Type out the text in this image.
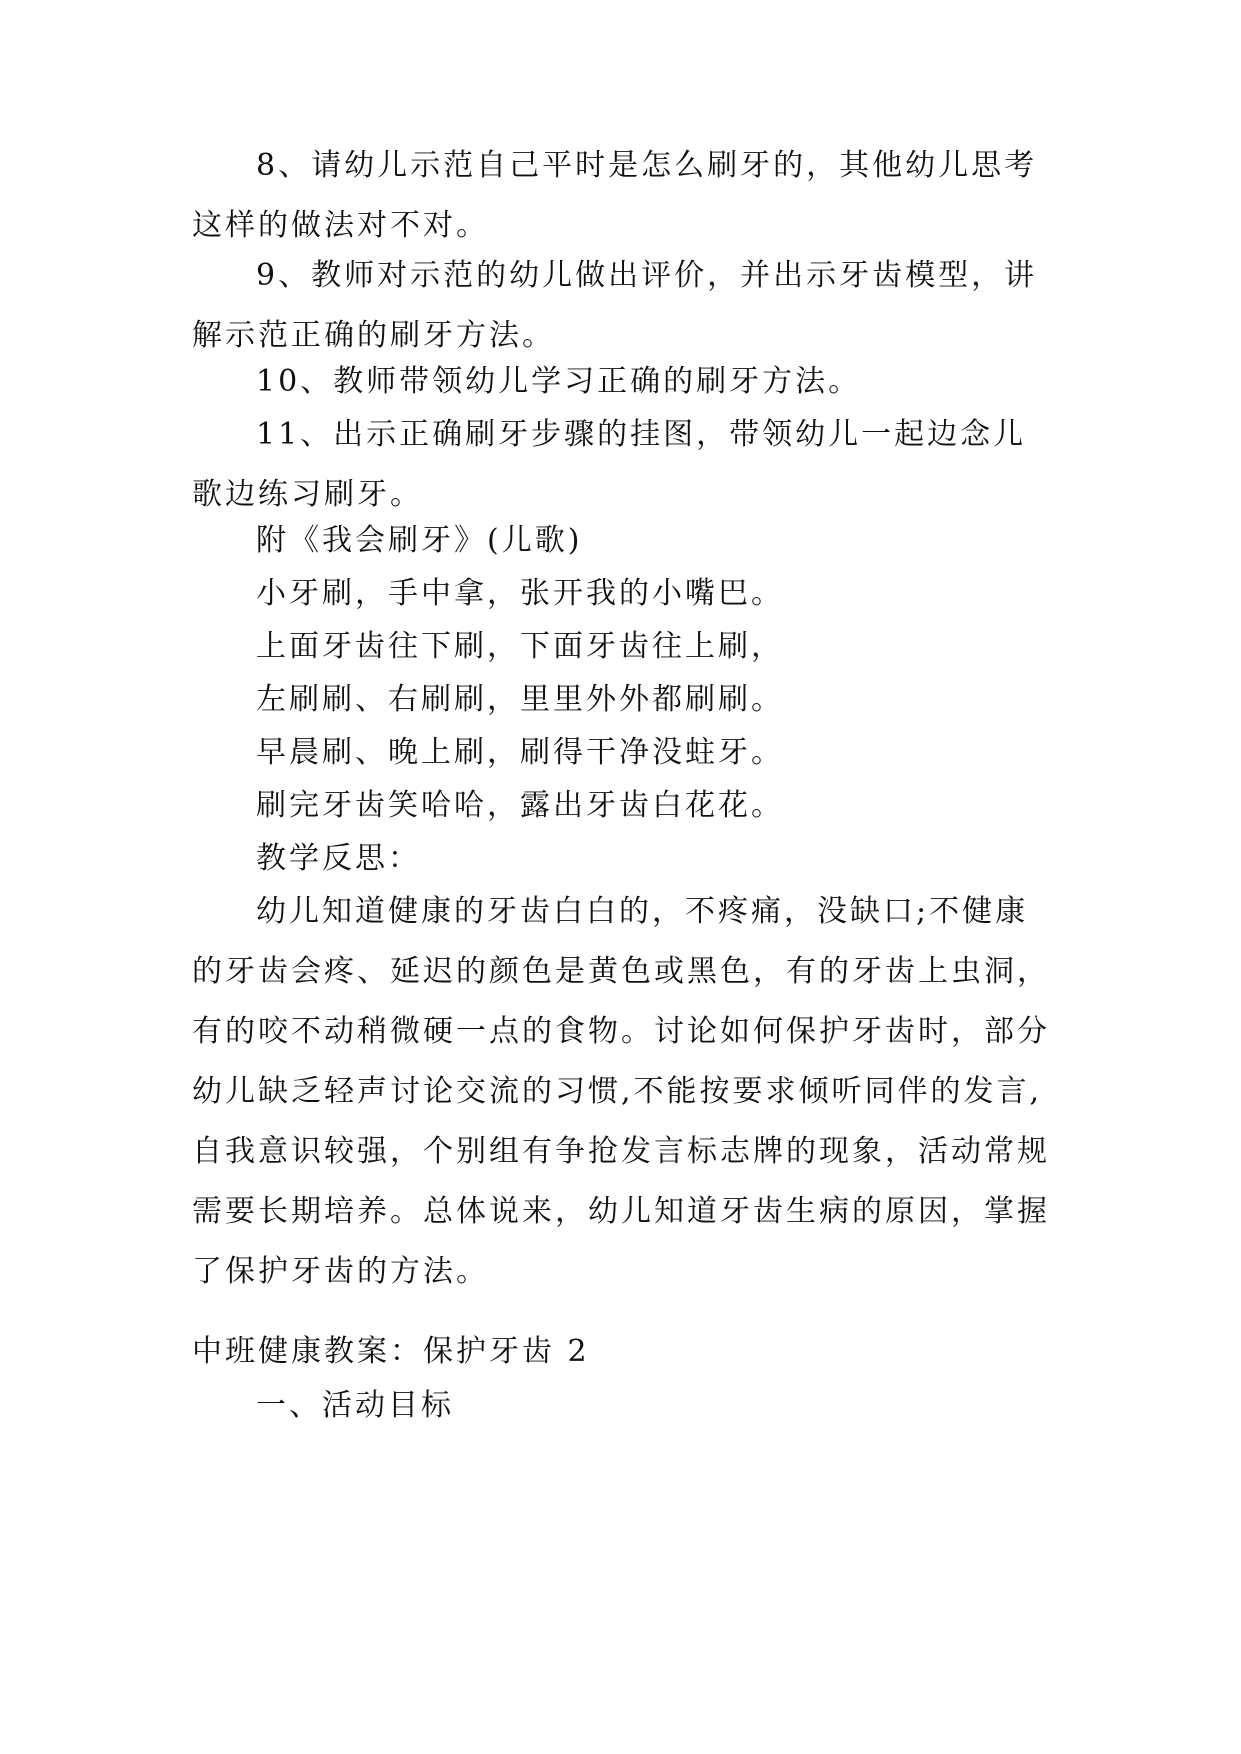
8、请幼儿示范自己平时是怎么刷牙的，其他幼儿思考这样的做法对不对。

9、教师对示范的幼儿做出评价，并出示牙齿模型，讲解示范正确的刷牙方法。

10、教师带领幼儿学习正确的刷牙方法。

11、出示正确刷牙步骤的挂图，带领幼儿一起边念儿歌边练习刷牙。

附《我会刷牙》(儿歌)

小牙刷，手中拿，张开我的小嘴巴。

上面牙齿往下刷，下面牙齿往上刷，

左刷刷、右刷刷，里里外外都刷刷。

早晨刷、晚上刷，刷得干净没蛀牙。

刷完牙齿笑哈哈，露出牙齿白花花。

教学反思：

幼儿知道健康的牙齿白白的，不疼痛，没缺口;不健康的牙齿会疼、延迟的颜色是黄色或黑色，有的牙齿上虫洞，有的咬不动稍微硬一点的食物。讨论如何保护牙齿时，部分幼儿缺乏轻声讨论交流的习惯,不能按要求倾听同伴的发言,自我意识较强，个别组有争抢发言标志牌的现象，活动常规需要长期培养。总体说来，幼儿知道牙齿生病的原因，掌握了保护牙齿的方法。

中班健康教案：保护牙齿 2

一、活动目标
